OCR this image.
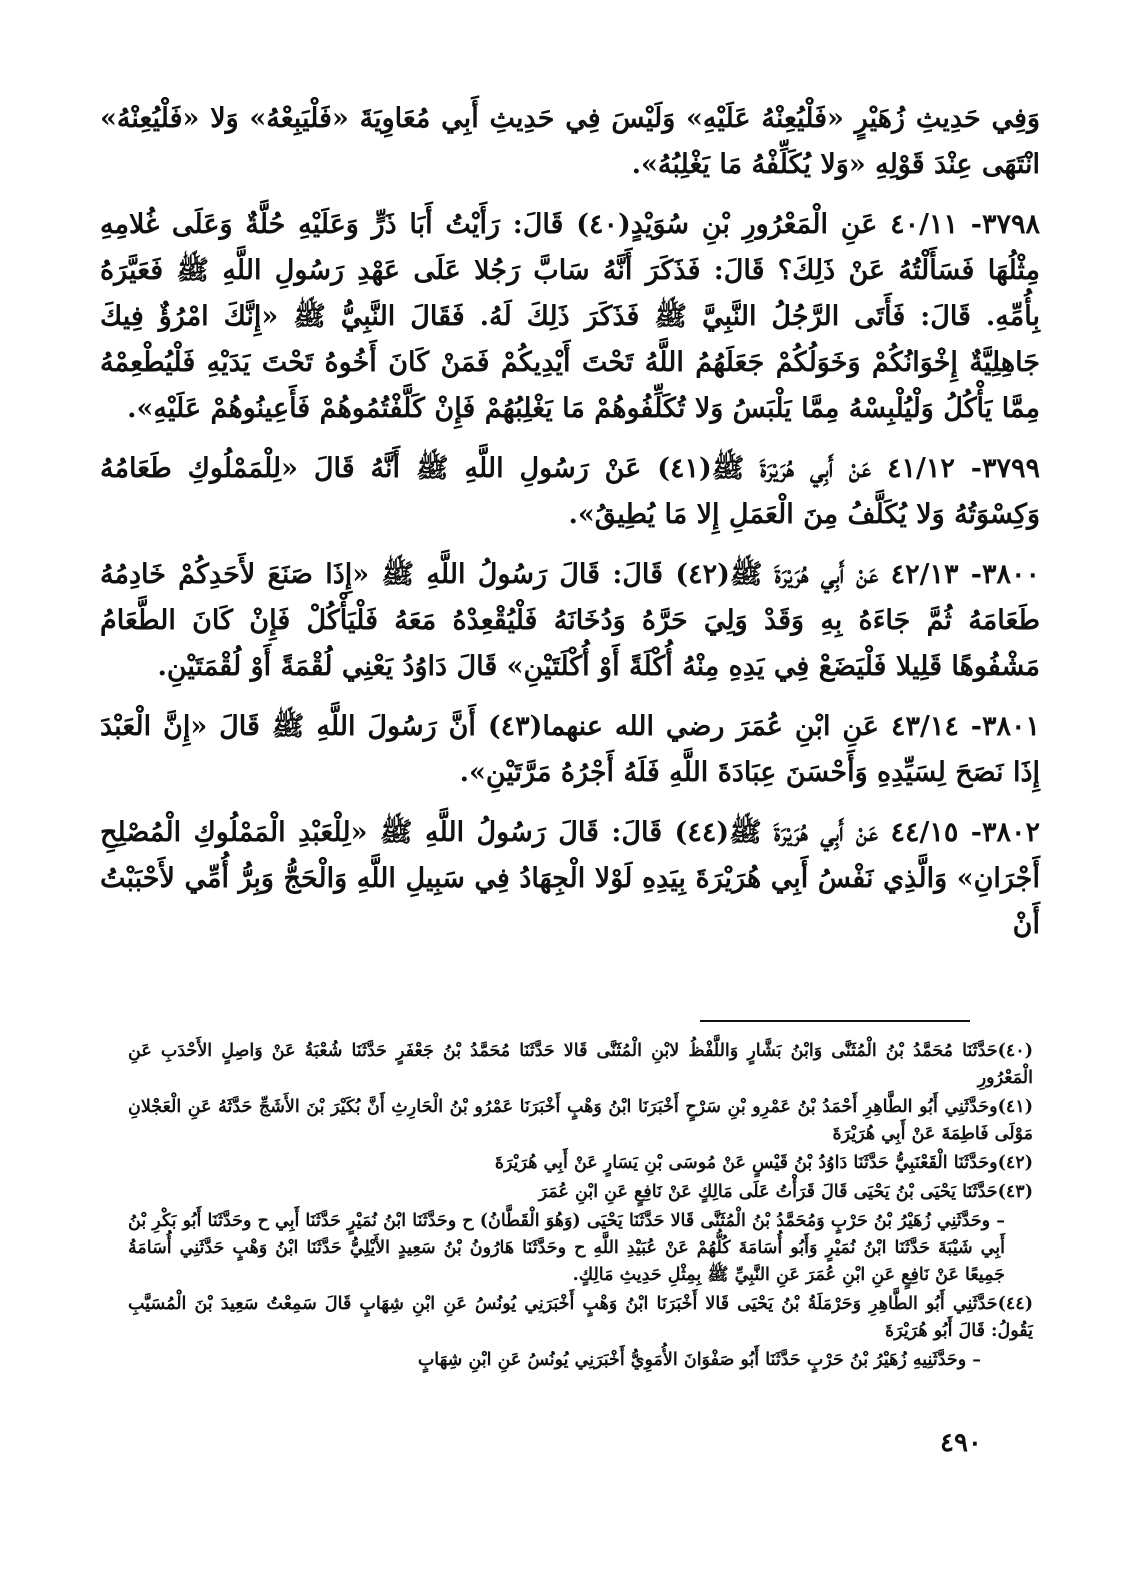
وَفِي حَدِيثِ زُهَيْرٍ «فَلْيُعِنْهُ عَلَيْهِ» وَلَيْسَ فِي حَدِيثِ أَبِي مُعَاوِيَةَ «فَلْيَبِعْهُ» وَلا «فَلْيُعِنْهُ» انْتَهَى عِنْدَ قَوْلِهِ «وَلا يُكَلِّفْهُ مَا يَغْلِبُهُ».

٣٧٩٨- ٤٠/١١ عَنِ الْمَعْرُورِ بْنِ سُوَيْدٍ(٤٠) قَالَ: رَأَيْتُ أَبَا ذَرٍّ وَعَلَيْهِ حُلَّةٌ وَعَلَى غُلامِهِ مِثْلُهَا فَسَأَلْتُهُ عَنْ ذَلِكَ؟ قَالَ: فَذَكَرَ أَنَّهُ سَابَّ رَجُلا عَلَى عَهْدِ رَسُولِ اللَّهِ ﷺ فَعَيَّرَهُ بِأُمِّهِ. قَالَ: فَأَتَى الرَّجُلُ النَّبِيَّ ﷺ فَذَكَرَ ذَلِكَ لَهُ. فَقَالَ النَّبِيُّ ﷺ «إِنَّكَ امْرُؤٌ فِيكَ جَاهِلِيَّةٌ إِخْوَانُكُمْ وَخَوَلُكُمْ جَعَلَهُمُ اللَّهُ تَحْتَ أَيْدِيكُمْ فَمَنْ كَانَ أَخُوهُ تَحْتَ يَدَيْهِ فَلْيُطْعِمْهُ مِمَّا يَأْكُلُ وَلْيُلْبِسْهُ مِمَّا يَلْبَسُ وَلا تُكَلِّفُوهُمْ مَا يَغْلِبُهُمْ فَإِنْ كَلَّفْتُمُوهُمْ فَأَعِينُوهُمْ عَلَيْهِ».

٣٧٩٩- ٤١/١٢ عَنْ أَبِي هُرَيْرَةَ ﷺ(٤١) عَنْ رَسُولِ اللَّهِ ﷺ أَنَّهُ قَالَ «لِلْمَمْلُوكِ طَعَامُهُ وَكِسْوَتُهُ وَلا يُكَلَّفُ مِنَ الْعَمَلِ إِلا مَا يُطِيقُ».

٣٨٠٠- ٤٢/١٣ عَنْ أَبِي هُرَيْرَةَ ﷺ(٤٢) قَالَ: قَالَ رَسُولُ اللَّهِ ﷺ «إِذَا صَنَعَ لأَحَدِكُمْ خَادِمُهُ طَعَامَهُ ثُمَّ جَاءَهُ بِهِ وَقَدْ وَلِيَ حَرَّهُ وَدُخَانَهُ فَلْيُقْعِدْهُ مَعَهُ فَلْيَأْكُلْ فَإِنْ كَانَ الطَّعَامُ مَشْفُوهًا قَلِيلا فَلْيَضَعْ فِي يَدِهِ مِنْهُ أُكْلَةً أَوْ أُكْلَتَيْنِ» قَالَ دَاوُدُ يَعْنِي لُقْمَةً أَوْ لُقْمَتَيْنِ.

٣٨٠١- ٤٣/١٤ عَنِ ابْنِ عُمَرَ رضي الله عنهما(٤٣) أَنَّ رَسُولَ اللَّهِ ﷺ قَالَ «إِنَّ الْعَبْدَ إِذَا نَصَحَ لِسَيِّدِهِ وَأَحْسَنَ عِبَادَةَ اللَّهِ فَلَهُ أَجْرُهُ مَرَّتَيْنِ».

٣٨٠٢- ٤٤/١٥ عَنْ أَبِي هُرَيْرَةَ ﷺ(٤٤) قَالَ: قَالَ رَسُولُ اللَّهِ ﷺ «لِلْعَبْدِ الْمَمْلُوكِ الْمُصْلِحِ أَجْرَانِ» وَالَّذِي نَفْسُ أَبِي هُرَيْرَةَ بِيَدِهِ لَوْلا الْجِهَادُ فِي سَبِيلِ اللَّهِ وَالْحَجُّ وَبِرُّ أُمِّي لأَحْبَبْتُ أَنْ

(٤٠)حَدَّثَنَا مُحَمَّدُ بْنُ الْمُثَنَّى وَابْنُ بَشَّارٍ وَاللَّفْظُ لابْنِ الْمُثَنَّى قَالا حَدَّثَنَا مُحَمَّدُ بْنُ جَعْفَرٍ حَدَّثَنَا شُعْبَةُ عَنْ وَاصِلٍ الأَحْدَبِ عَنِ الْمَعْرُورِ

(٤١)وحَدَّثَنِي أَبُو الطَّاهِرِ أَحْمَدُ بْنُ عَمْرِو بْنِ سَرْحٍ أَخْبَرَنَا ابْنُ وَهْبٍ أَخْبَرَنَا عَمْرُو بْنُ الْحَارِثِ أَنَّ بُكَيْرَ بْنَ الأَشَجِّ حَدَّثَهُ عَنِ الْعَجْلانِ مَوْلَى فَاطِمَةَ عَنْ أَبِي هُرَيْرَةَ

(٤٢)وحَدَّثَنَا الْقَعْنَبِيُّ حَدَّثَنَا دَاوُدُ بْنُ قَيْسٍ عَنْ مُوسَى بْنِ يَسَارٍ عَنْ أَبِي هُرَيْرَةَ

(٤٣)حَدَّثَنَا يَحْيَى بْنُ يَحْيَى قَالَ قَرَأْتُ عَلَى مَالِكٍ عَنْ نَافِعٍ عَنِ ابْنِ عُمَرَ

– وحَدَّثَنِي زُهَيْرُ بْنُ حَرْبٍ وَمُحَمَّدُ بْنُ الْمُثَنَّى قَالا حَدَّثَنَا يَحْيَى (وَهُوَ الْقَطَّانُ) ح وحَدَّثَنَا ابْنُ نُمَيْرٍ حَدَّثَنَا أَبِي ح وحَدَّثَنَا أَبُو بَكْرِ بْنُ أَبِي شَيْبَةَ حَدَّثَنَا ابْنُ نُمَيْرٍ وَأَبُو أُسَامَةَ كُلُّهُمْ عَنْ عُبَيْدِ اللَّهِ ح وحَدَّثَنَا هَارُونُ بْنُ سَعِيدٍ الأَيْلِيُّ حَدَّثَنَا ابْنُ وَهْبٍ حَدَّثَنِي أُسَامَةُ جَمِيعًا عَنْ نَافِعٍ عَنِ ابْنِ عُمَرَ عَنِ النَّبِيِّ ﷺ بِمِثْلِ حَدِيثِ مَالِكٍ.

(٤٤)حَدَّثَنِي أَبُو الطَّاهِرِ وَحَرْمَلَةُ بْنُ يَحْيَى قَالا أَخْبَرَنَا ابْنُ وَهْبٍ أَخْبَرَنِي يُونُسُ عَنِ ابْنِ شِهَابٍ قَالَ سَمِعْتُ سَعِيدَ بْنَ الْمُسَيَّبِ يَقُولُ: قَالَ أَبُو هُرَيْرَةَ

– وحَدَّثَنِيهِ زُهَيْرُ بْنُ حَرْبٍ حَدَّثَنَا أَبُو صَفْوَانَ الأُمَوِيُّ أَخْبَرَنِي يُونُسُ عَنِ ابْنِ شِهَابٍ

٤٩٠
